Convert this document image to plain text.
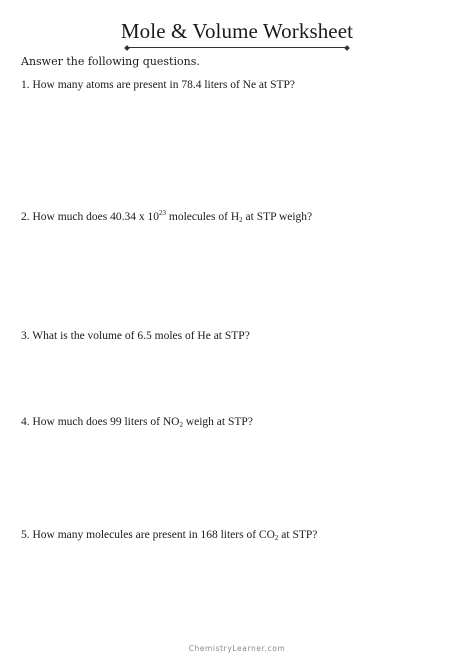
Mole & Volume Worksheet
Answer the following questions.
1. How many atoms are present in 78.4 liters of Ne at STP?
2. How much does 40.34 x $10^{23}$ molecules of $H_2$ at STP weigh?
3. What is the volume of 6.5 moles of He at STP?
4. How much does 99 liters of $NO_2$ weigh at STP?
5. How many molecules are present in 168 liters of $CO_2$ at STP?
ChemistryLearner.com
